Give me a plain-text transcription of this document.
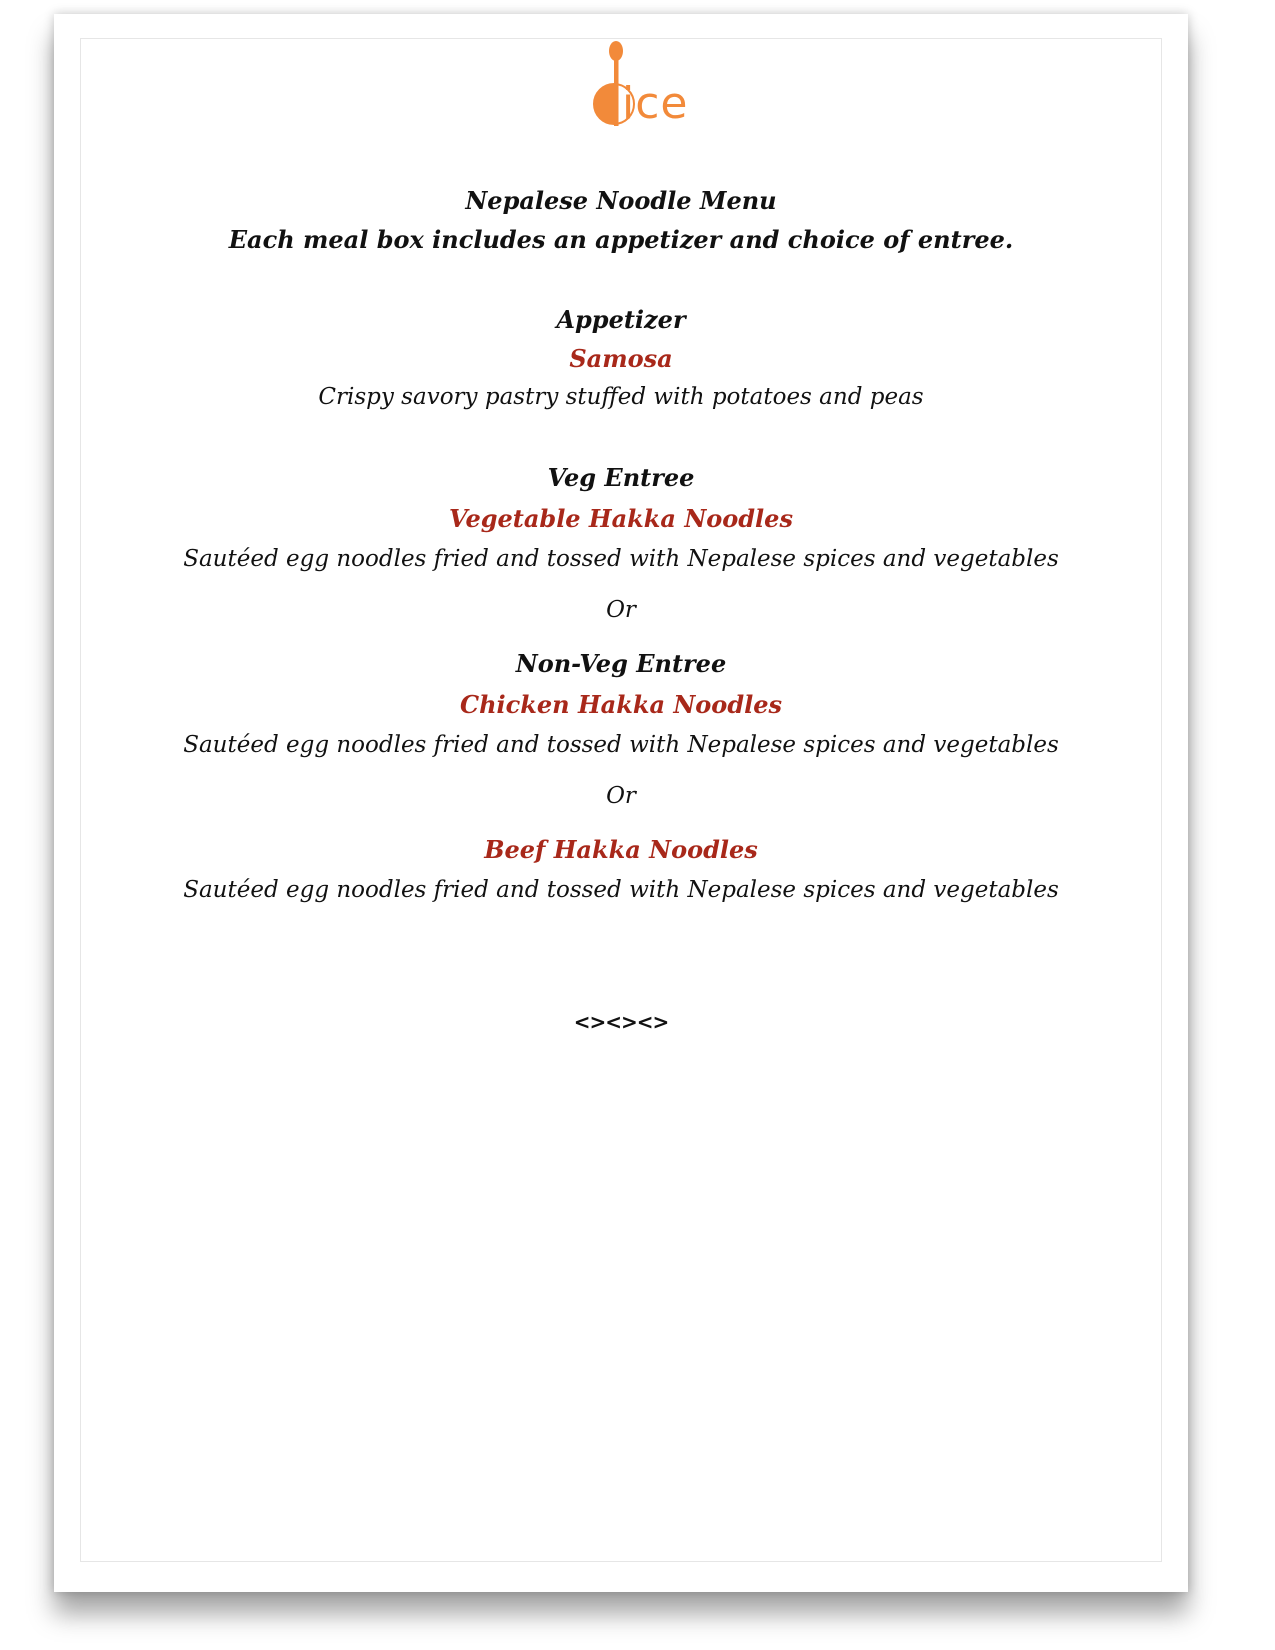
ice
Nepalese Noodle Menu
Each meal box includes an appetizer and choice of entree.
Appetizer
Samosa
Crispy savory pastry stuffed with potatoes and peas
Veg Entree
Vegetable Hakka Noodles
Sautéed egg noodles fried and tossed with Nepalese spices and vegetables
Or
Non-Veg Entree
Chicken Hakka Noodles
Sautéed egg noodles fried and tossed with Nepalese spices and vegetables
Or
Beef Hakka Noodles
Sautéed egg noodles fried and tossed with Nepalese spices and vegetables
<><><>
